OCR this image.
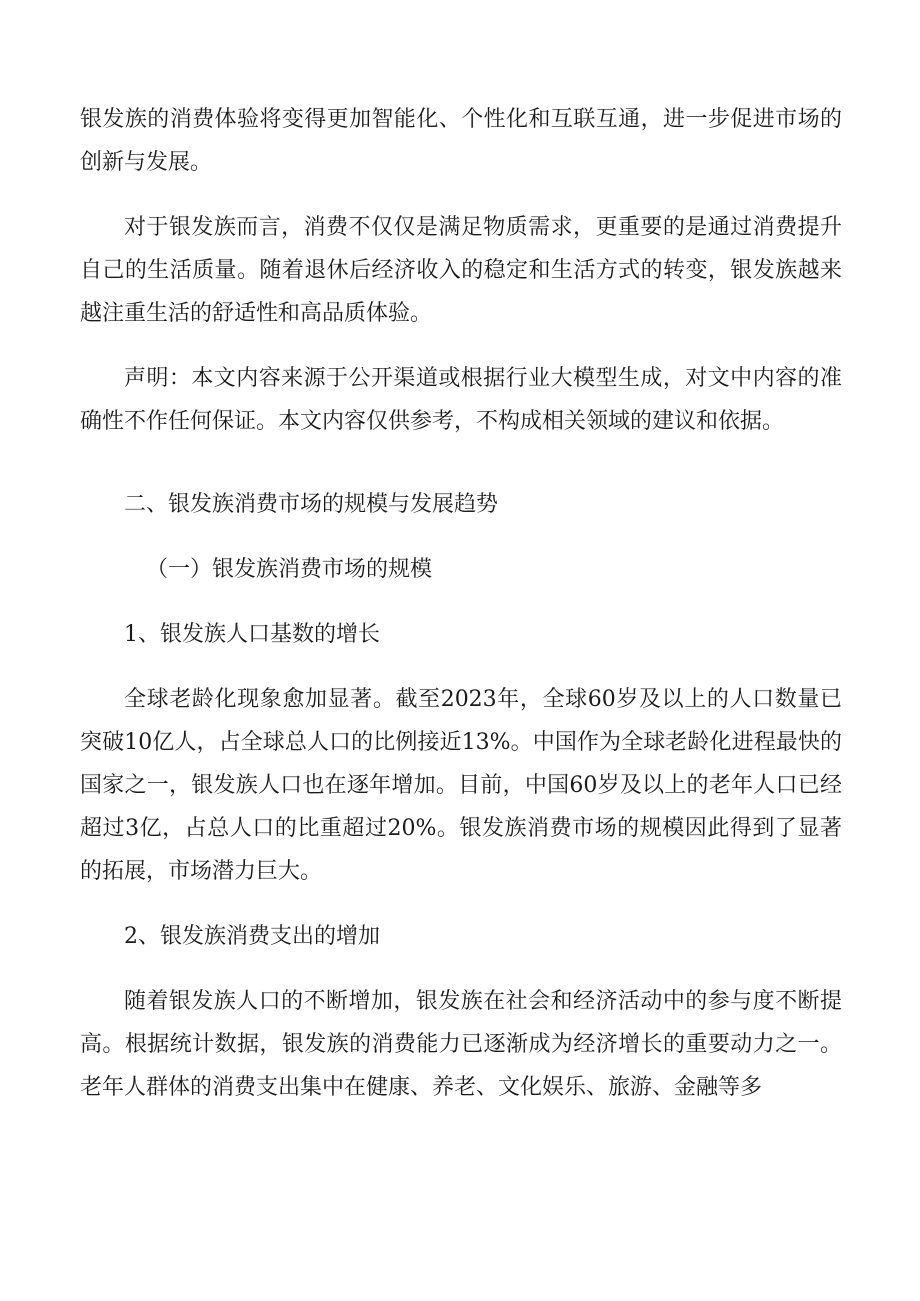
银发族的消费体验将变得更加智能化、个性化和互联互通，进一步促进市场的创新与发展。

对于银发族而言，消费不仅仅是满足物质需求，更重要的是通过消费提升自己的生活质量。随着退休后经济收入的稳定和生活方式的转变，银发族越来越注重生活的舒适性和高品质体验。

声明：本文内容来源于公开渠道或根据行业大模型生成，对文中内容的准确性不作任何保证。本文内容仅供参考，不构成相关领域的建议和依据。

二、银发族消费市场的规模与发展趋势
（一）银发族消费市场的规模
1、银发族人口基数的增长

全球老龄化现象愈加显著。截至2023年，全球60岁及以上的人口数量已突破10亿人，占全球总人口的比例接近13%。中国作为全球老龄化进程最快的国家之一，银发族人口也在逐年增加。目前，中国60岁及以上的老年人口已经超过3亿，占总人口的比重超过20%。银发族消费市场的规模因此得到了显著的拓展，市场潜力巨大。

2、银发族消费支出的增加

随着银发族人口的不断增加，银发族在社会和经济活动中的参与度不断提高。根据统计数据，银发族的消费能力已逐渐成为经济增长的重要动力之一。老年人群体的消费支出集中在健康、养老、文化娱乐、旅游、金融等多
